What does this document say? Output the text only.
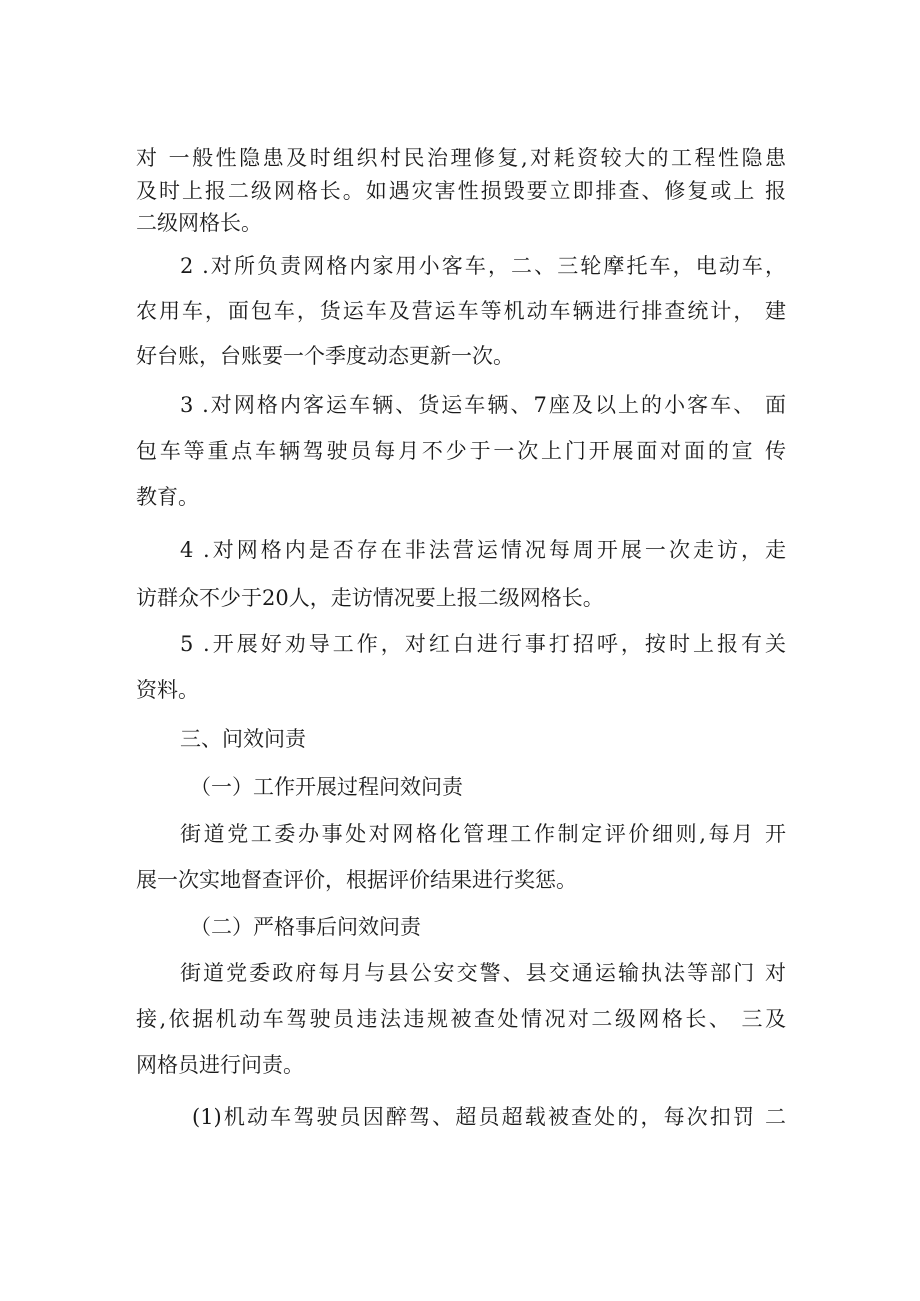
对 一般性隐患及时组织村民治理修复,对耗资较大的工程性隐患
及时上报二级网格长。如遇灾害性损毁要立即排查、修复或上 报
二级网格长。
2 .对所负责网格内家用小客车，二、三轮摩托车，电动车，
农用车，面包车，货运车及营运车等机动车辆进行排查统计， 建
好台账，台账要一个季度动态更新一次。
3 .对网格内客运车辆、货运车辆、7座及以上的小客车、 面
包车等重点车辆驾驶员每月不少于一次上门开展面对面的宣 传
教育。
4 .对网格内是否存在非法营运情况每周开展一次走访，走
访群众不少于20人，走访情况要上报二级网格长。
5 .开展好劝导工作，对红白进行事打招呼，按时上报有关
资料。
三、问效问责
（一）工作开展过程问效问责
街道党工委办事处对网格化管理工作制定评价细则,每月 开
展一次实地督查评价，根据评价结果进行奖惩。
（二）严格事后问效问责
街道党委政府每月与县公安交警、县交通运输执法等部门 对
接,依据机动车驾驶员违法违规被查处情况对二级网格长、 三及
网格员进行问责。
(1)机动车驾驶员因醉驾、超员超载被查处的，每次扣罚 二
